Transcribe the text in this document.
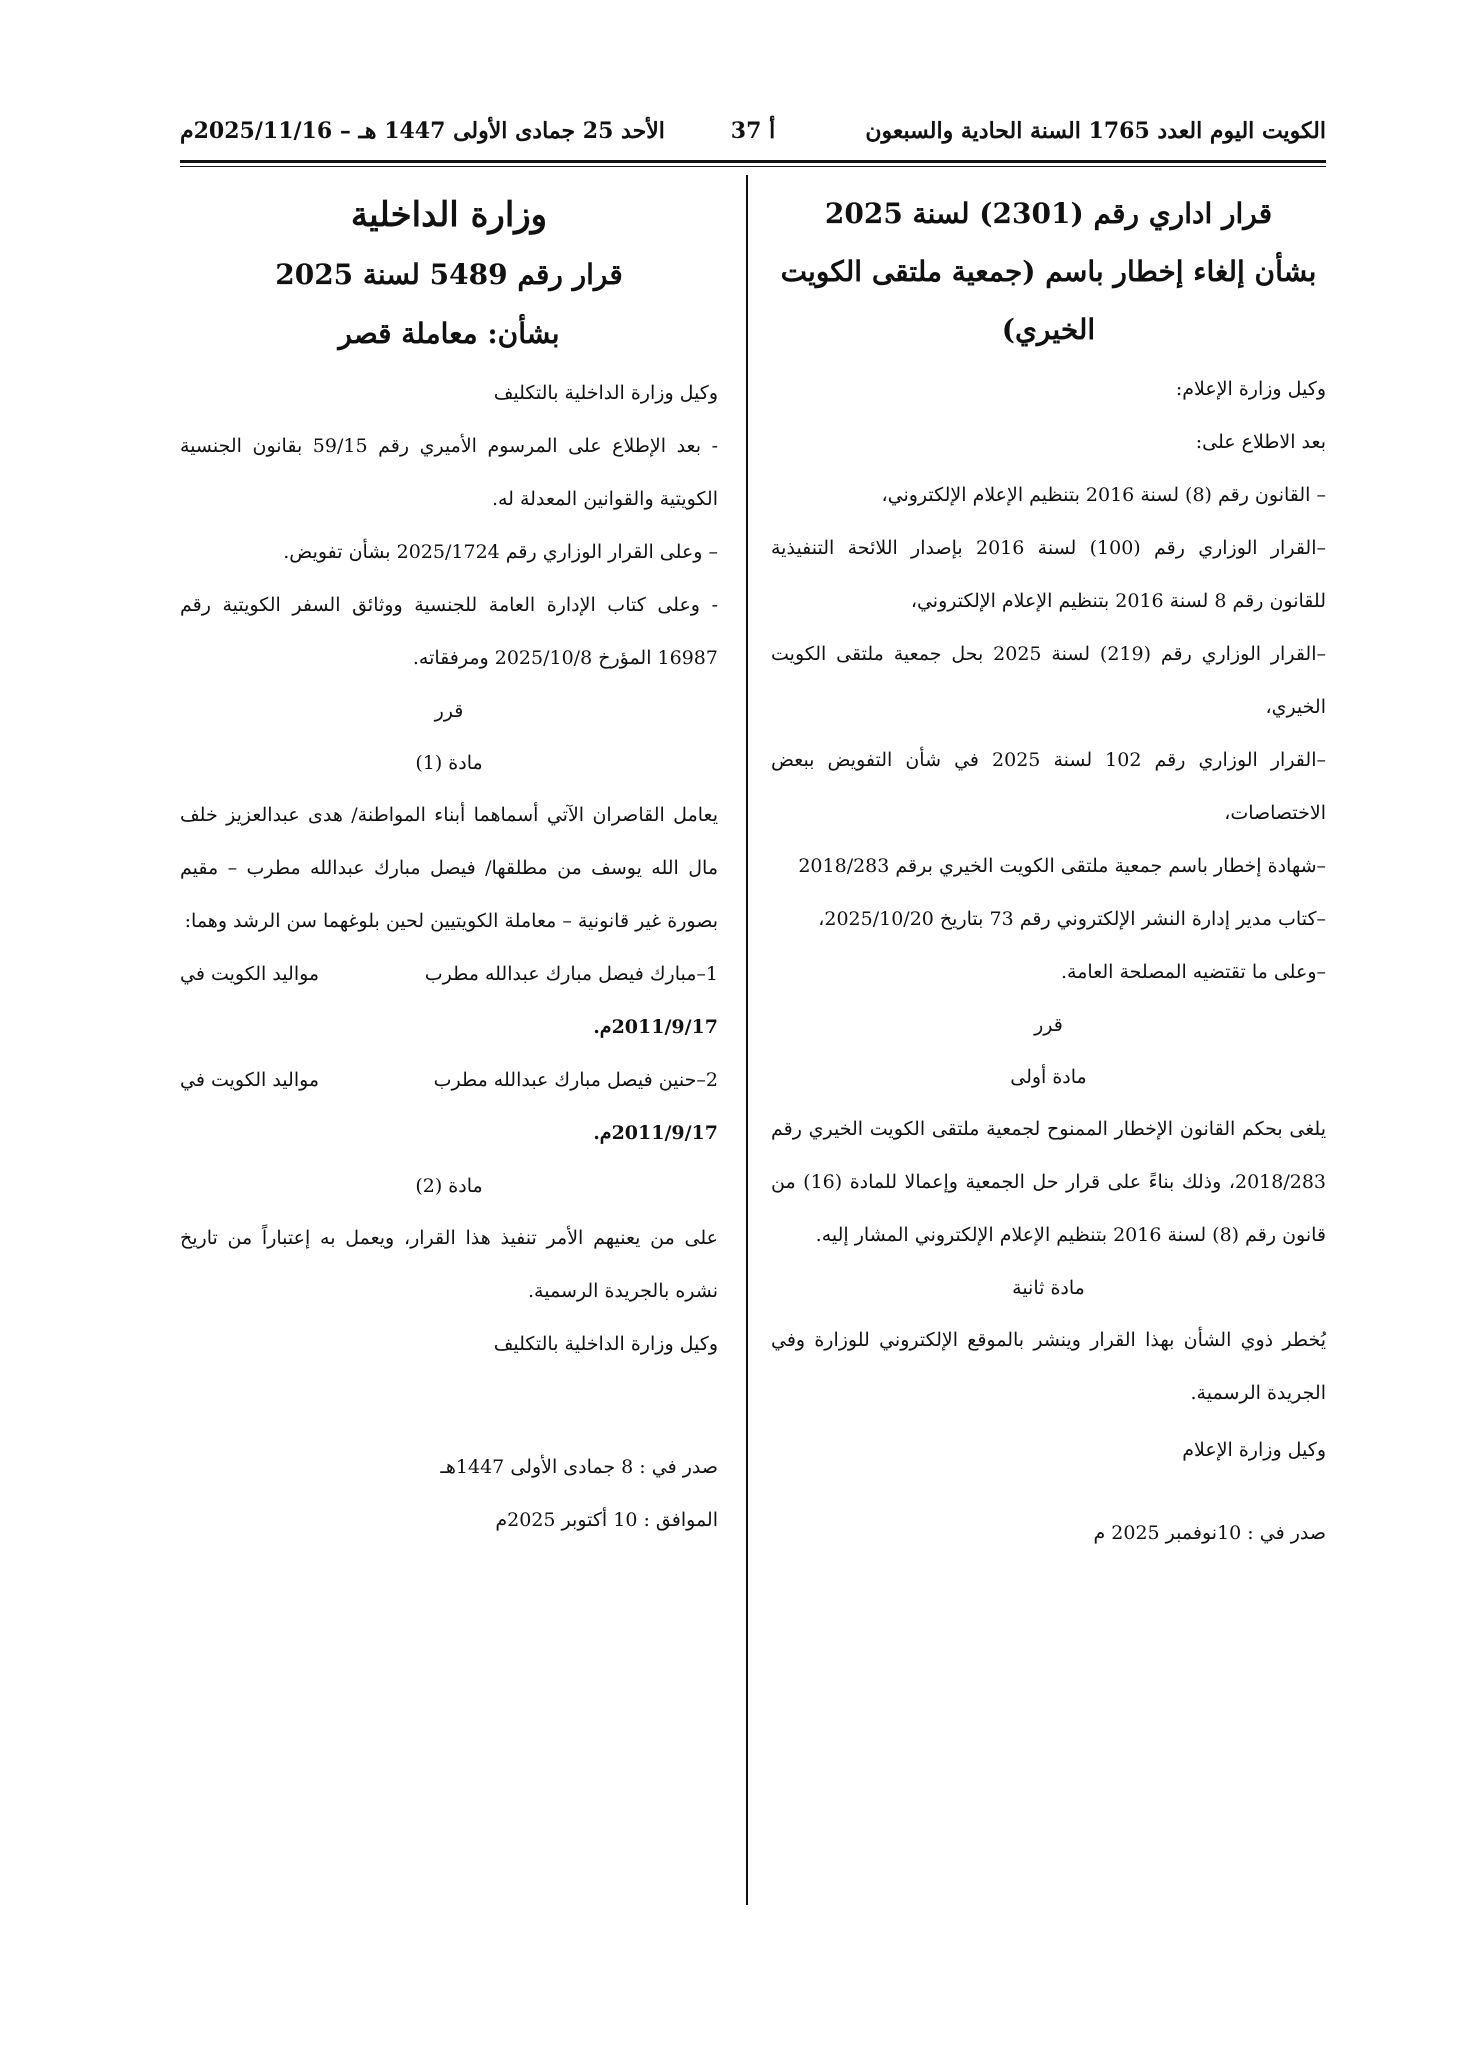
الكويت اليوم العدد 1765 السنة الحادية والسبعون
أ 37
الأحد 25 جمادى الأولى 1447 هـ – 2025/11/16م

قرار اداري رقم (2301) لسنة 2025

بشأن إلغاء إخطار باسم (جمعية ملتقى الكويت

الخيري)

وكيل وزارة الإعلام:

بعد الاطلاع على:

– القانون رقم (8) لسنة 2016 بتنظيم الإعلام الإلكتروني،

–القرار الوزاري رقم (100) لسنة 2016 بإصدار اللائحة التنفيذية للقانون رقم 8 لسنة 2016 بتنظيم الإعلام الإلكتروني،

–القرار الوزاري رقم (219) لسنة 2025 بحل جمعية ملتقى الكويت الخيري،

–القرار الوزاري رقم 102 لسنة 2025 في شأن التفويض ببعض الاختصاصات،

–شهادة إخطار باسم جمعية ملتقى الكويت الخيري برقم 2018/283

–كتاب مدير إدارة النشر الإلكتروني رقم 73 بتاريخ 2025/10/20،

–وعلى ما تقتضيه المصلحة العامة.

قرر

مادة أولى

يلغى بحكم القانون الإخطار الممنوح لجمعية ملتقى الكويت الخيري رقم 2018/283، وذلك بناءً على قرار حل الجمعية وإعمالا للمادة (16) من قانون رقم (8) لسنة 2016 بتنظيم الإعلام الإلكتروني المشار إليه.

مادة ثانية

يُخطر ذوي الشأن بهذا القرار وينشر بالموقع الإلكتروني للوزارة وفي الجريدة الرسمية.

وكيل وزارة الإعلام

صدر في : 10نوفمبر 2025 م

وزارة الداخلية

قرار رقم 5489 لسنة 2025

بشأن: معاملة قصر

وكيل وزارة الداخلية بالتكليف

- بعد الإطلاع على المرسوم الأميري رقم 59/15 بقانون الجنسية الكويتية والقوانين المعدلة له.

– وعلى القرار الوزاري رقم 2025/1724 بشأن تفويض.

- وعلى كتاب الإدارة العامة للجنسية ووثائق السفر الكويتية رقم 16987 المؤرخ 2025/10/8 ومرفقاته.

قرر

مادة (1)

يعامل القاصران الآتي أسماهما أبناء المواطنة/ هدى عبدالعزيز خلف مال الله يوسف من مطلقها/ فيصل مبارك عبدالله مطرب – مقيم بصورة غير قانونية – معاملة الكويتيين لحين بلوغهما سن الرشد وهما:

1–مبارك فيصل مبارك عبدالله مطرب
مواليد الكويت في

2011/9/17م.

2–حنين فيصل مبارك عبدالله مطرب
مواليد الكويت في

2011/9/17م.

مادة (2)

على من يعنيهم الأمر تنفيذ هذا القرار، ويعمل به إعتباراً من تاريخ نشره بالجريدة الرسمية.

وكيل وزارة الداخلية بالتكليف

صدر في : 8 جمادى الأولى 1447هـ

الموافق : 10 أكتوبر 2025م
